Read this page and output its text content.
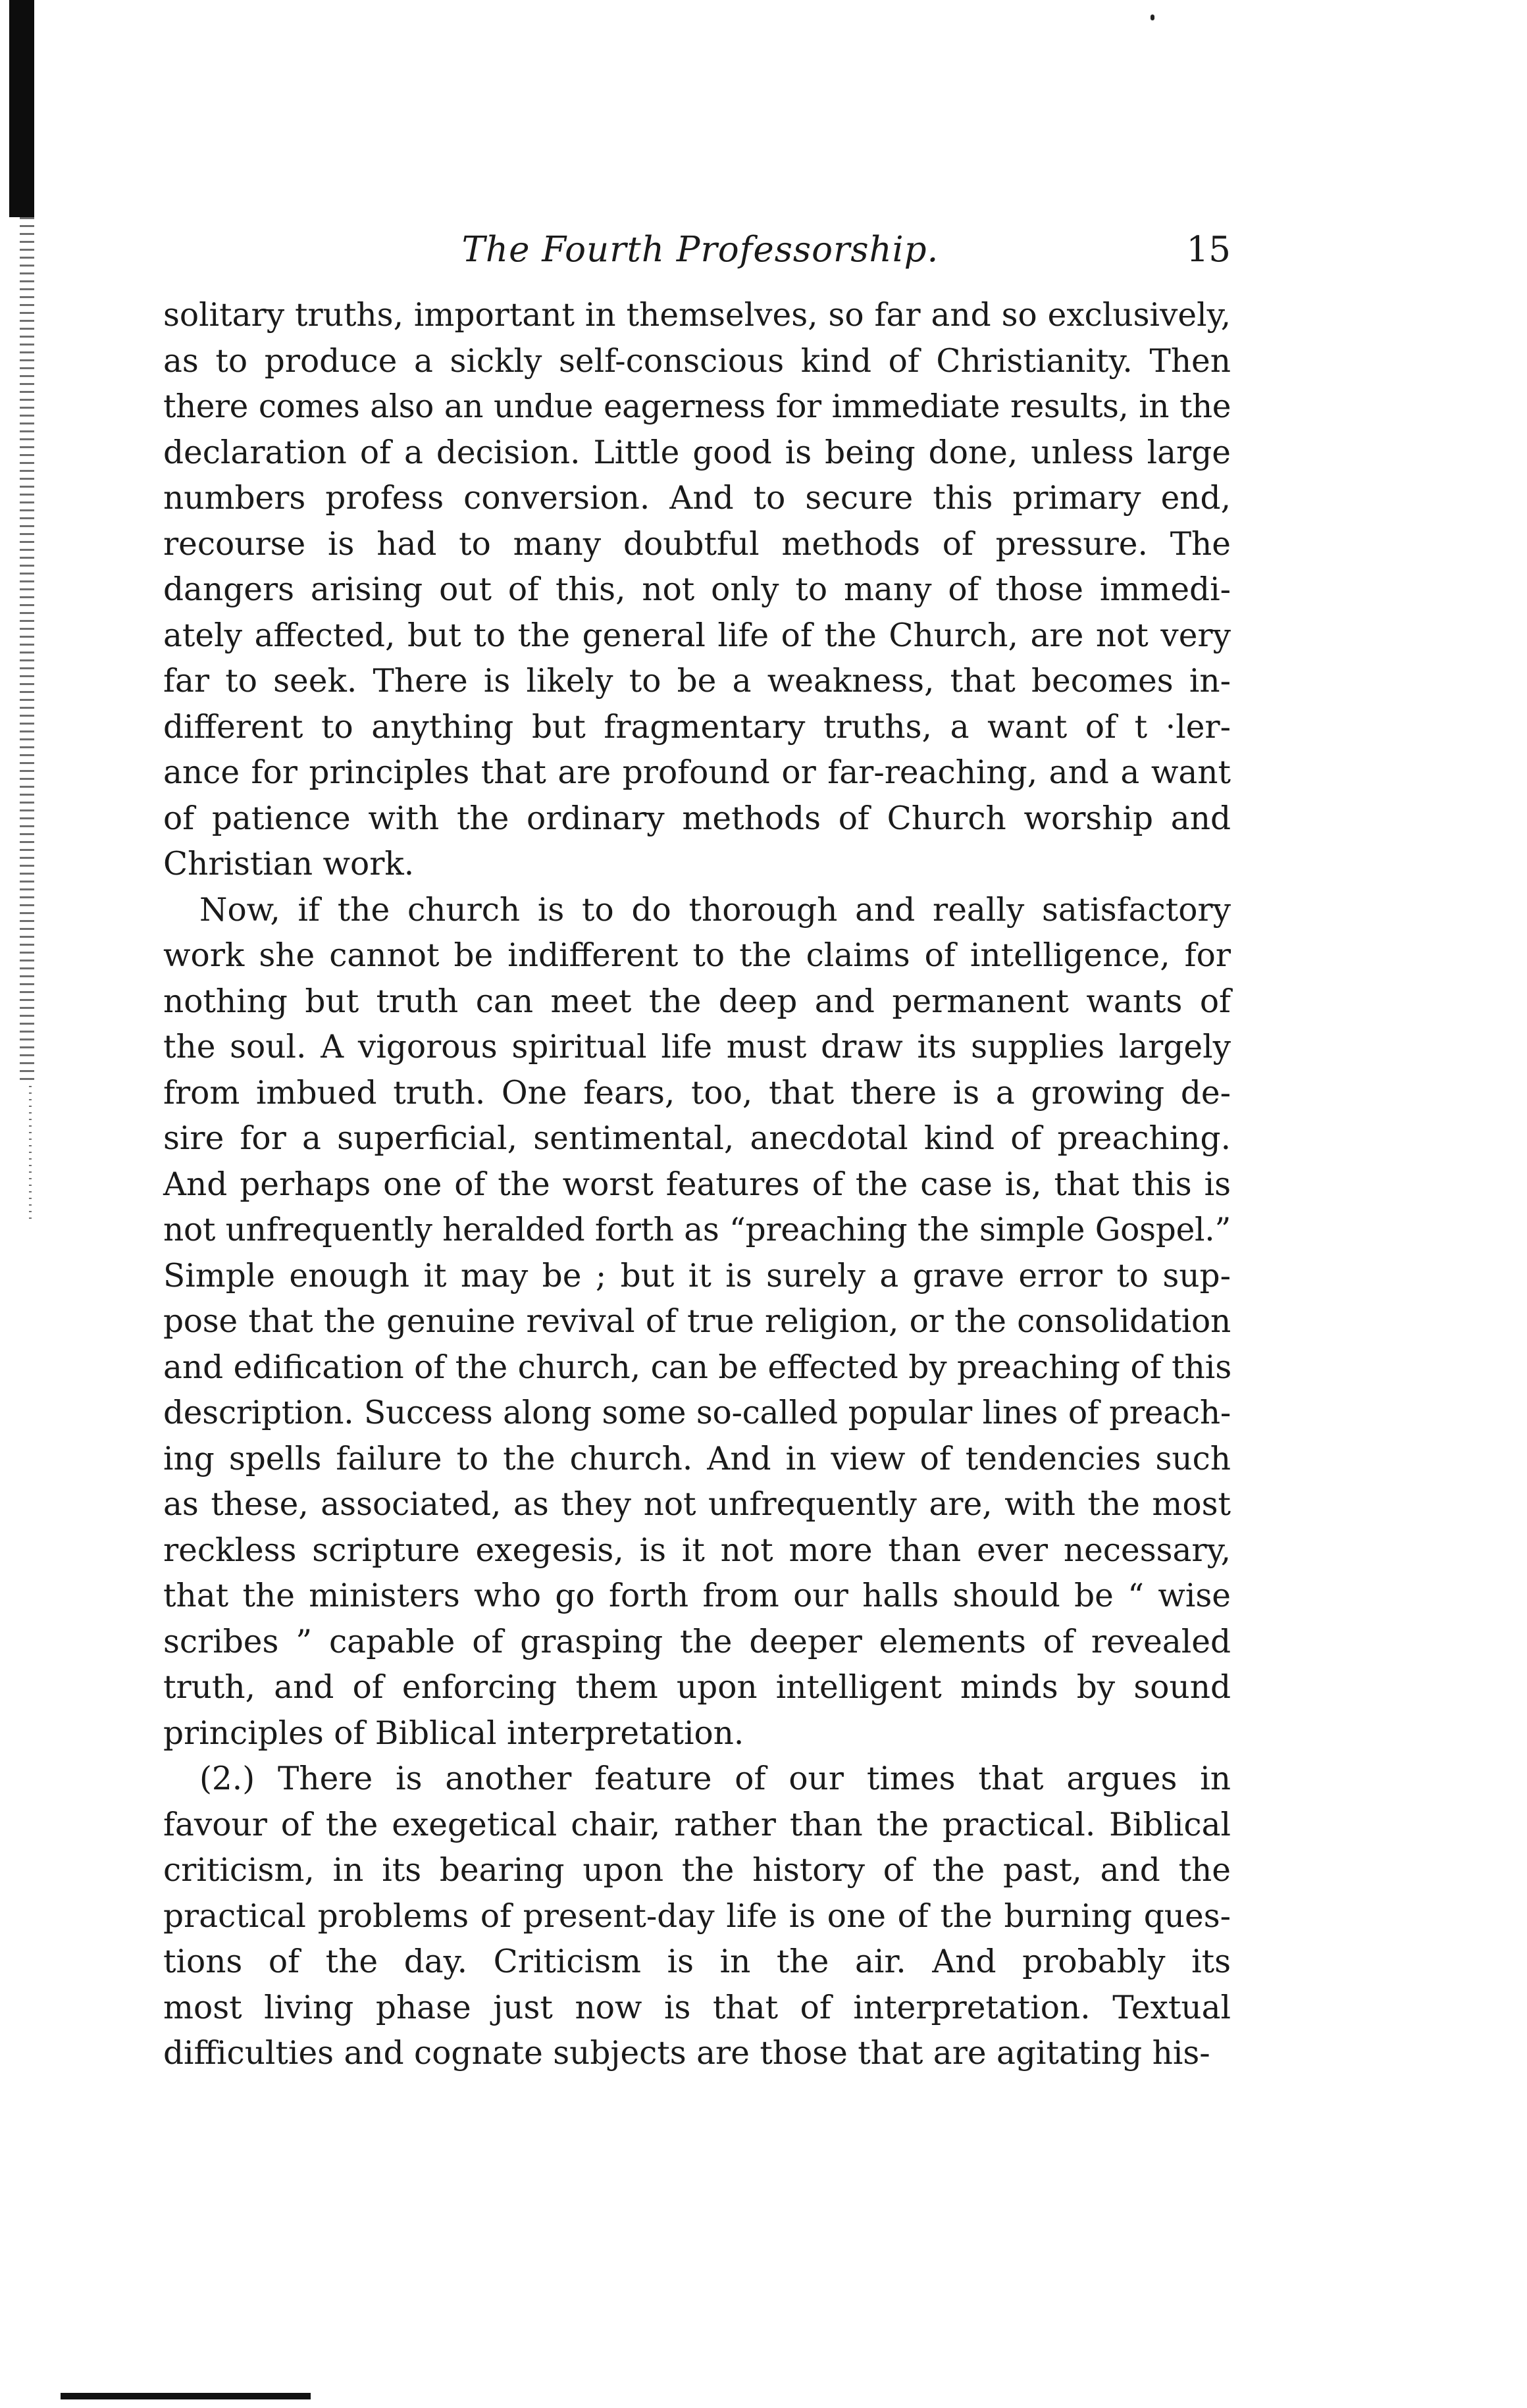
The Fourth Professorship.	15
solitary truths, important in themselves, so far and so exclusively,
as to produce a sickly self-conscious kind of Christianity. Then
there comes also an undue eagerness for immediate results, in the
declaration of a decision. Little good is being done, unless large
numbers profess conversion. And to secure this primary end,
recourse is had to many doubtful methods of pressure. The
dangers arising out of this, not only to many of those immedi-
ately affected, but to the general life of the Church, are not very
far to seek. There is likely to be a weakness, that becomes in-
different to anything but fragmentary truths, a want of t ·ler-
ance for principles that are profound or far-reaching, and a want
of patience with the ordinary methods of Church worship and
Christian work.
Now, if the church is to do thorough and really satisfactory
work she cannot be indifferent to the claims of intelligence, for
nothing but truth can meet the deep and permanent wants of
the soul. A vigorous spiritual life must draw its supplies largely
from imbued truth. One fears, too, that there is a growing de-
sire for a superficial, sentimental, anecdotal kind of preaching.
And perhaps one of the worst features of the case is, that this is
not unfrequently heralded forth as “preaching the simple Gospel.”
Simple enough it may be ; but it is surely a grave error to sup-
pose that the genuine revival of true religion, or the consolidation
and edification of the church, can be effected by preaching of this
description. Success along some so-called popular lines of preach-
ing spells failure to the church. And in view of tendencies such
as these, associated, as they not unfrequently are, with the most
reckless scripture exegesis, is it not more than ever necessary,
that the ministers who go forth from our halls should be “ wise
scribes ” capable of grasping the deeper elements of revealed
truth, and of enforcing them upon intelligent minds by sound
principles of Biblical interpretation.
(2.) There is another feature of our times that argues in
favour of the exegetical chair, rather than the practical. Biblical
criticism, in its bearing upon the history of the past, and the
practical problems of present-day life is one of the burning ques-
tions of the day. Criticism is in the air. And probably its
most living phase just now is that of interpretation. Textual
difficulties and cognate subjects are those that are agitating his-
